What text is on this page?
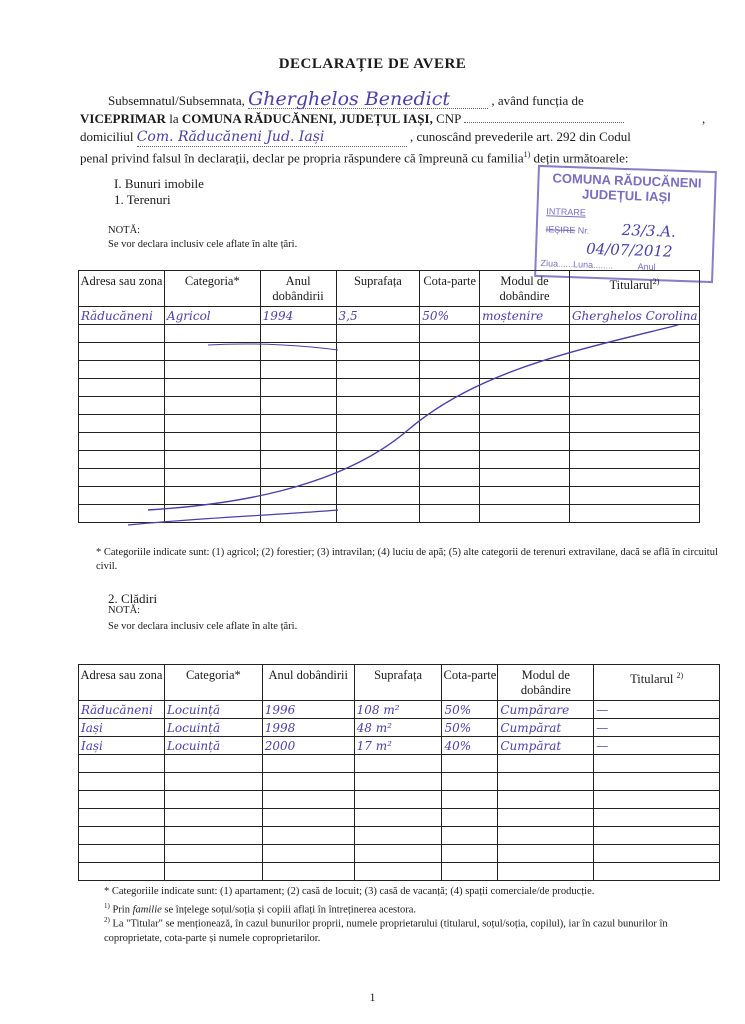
DECLARAȚIE DE AVERE
Subsemnatul/Subsemnata, Gherghelos Benedict	, având funcția de
VICEPRIMAR la COMUNA RĂDUCĂNENI, JUDEȚUL IAȘI, CNP	,
domiciliul Com. Răducăneni Jud. Iași	, cunoscând prevederile art. 292 din Codul
penal privind falsul în declarații, declar pe propria răspundere că împreună cu familia$^{1)}$ dețin următoarele:
COMUNA RĂDUCĂNENI
JUDEȚUL IAȘI
INTRARE
IEȘIRE Nr. 23/3.A.
04/07/2012
Ziua......Luna........	Anul
I. Bunuri imobile
1. Terenuri
NOTĂ:
Se vor declara inclusiv cele aflate în alte țări.
Adresa sau zona	Categoria*	Anul dobândirii	Suprafața	Cota-parte	Modul de dobândire	Titularul$^{2)}$
Răducăneni	Agricol	1994	3,5	50%	moștenire	Gherghelos Corolina

* Categoriile indicate sunt: (1) agricol; (2) forestier; (3) intravilan; (4) luciu de apă; (5) alte categorii de terenuri extravilane, dacă se află în circuitul civil.
2. Clădiri
NOTĂ:
Se vor declara inclusiv cele aflate în alte țări.
Adresa sau zona	Categoria*	Anul dobândirii	Suprafața	Cota-parte	Modul de dobândire	Titularul $^{2)}$
Răducăneni	Locuință	1996	108 m²	50%	Cumpărare	—
Iași	Locuință	1998	48 m²	50%	Cumpărat	—
Iași	Locuință	2000	17 m²	40%	Cumpărat	—

* Categoriile indicate sunt: (1) apartament; (2) casă de locuit; (3) casă de vacanță; (4) spații comerciale/de producție.
$^{1)}$ Prin familie se înțelege soțul/soția și copiii aflați în întreținerea acestora.
$^{2)}$ La "Titular" se menționează, în cazul bunurilor proprii, numele proprietarului (titularul, soțul/soția, copilul), iar în cazul bunurilor în coproprietate, cota-parte și numele coproprietarilor.
1
